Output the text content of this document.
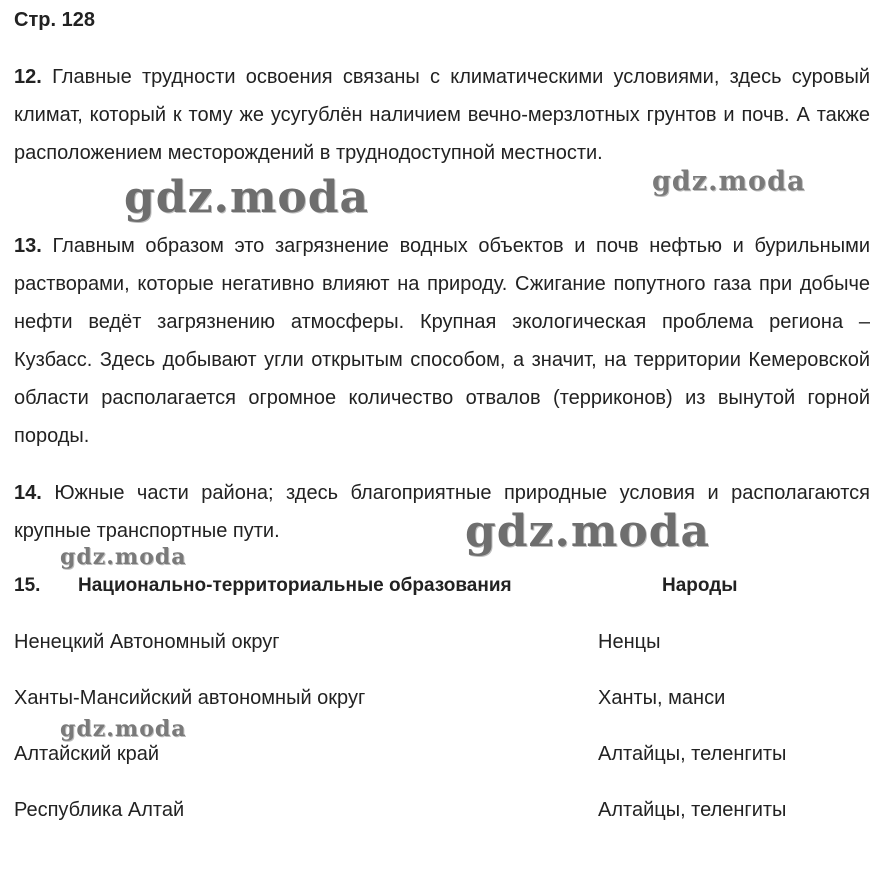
Стр. 128

12. Главные трудности освоения связаны с климатическими условиями, здесь суровый климат, который к тому же усугублён наличием вечно-мерзлотных грунтов и почв. А также расположением месторождений в труднодоступной местности.

13. Главным образом это загрязнение водных объектов и почв нефтью и бурильными растворами, которые негативно влияют на природу. Сжигание попутного газа при добыче нефти ведёт загрязнению атмосферы. Крупная экологическая проблема региона – Кузбасс. Здесь добывают угли открытым способом, а значит, на территории Кемеровской области располагается огромное количество отвалов (терриконов) из вынутой горной породы.

14. Южные части района; здесь благоприятные природные условия и располагаются крупные транспортные пути.

15. Национально-территориальные образования	Народы
Ненецкий Автономный округ	Ненцы
Ханты-Мансийский автономный округ	Ханты, манси
Алтайский край	Алтайцы, теленгиты
Республика Алтай	Алтайцы, теленгиты
gdz.moda	gdz.moda
gdz.moda
gdz.moda
gdz.moda
